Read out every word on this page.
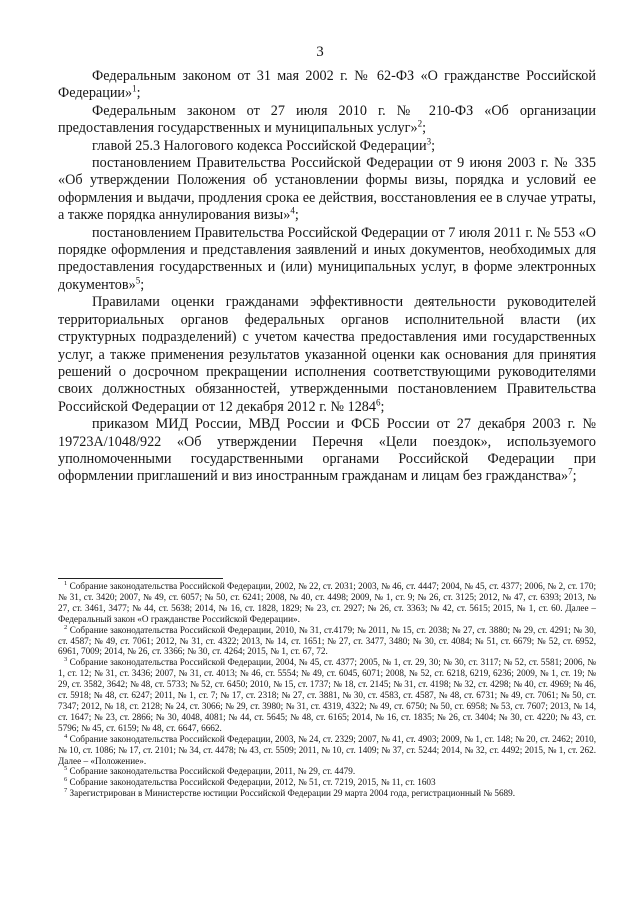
3

Федеральным законом от 31 мая 2002 г. № 62-ФЗ «О гражданстве Российской Федерации»$^1$;

Федеральным законом от 27 июля 2010 г. № 210-ФЗ «Об организации предоставления государственных и муниципальных услуг»$^2$;

главой 25.3 Налогового кодекса Российской Федерации$^3$;

постановлением Правительства Российской Федерации от 9 июня 2003 г. № 335 «Об утверждении Положения об установлении формы визы, порядка и условий ее оформления и выдачи, продления срока ее действия, восстановления ее в случае утраты, а также порядка аннулирования визы»$^4$;

постановлением Правительства Российской Федерации от 7 июля 2011 г. № 553 «О порядке оформления и представления заявлений и иных документов, необходимых для предоставления государственных и (или) муниципальных услуг, в форме электронных документов»$^5$;

Правилами оценки гражданами эффективности деятельности руководителей территориальных органов федеральных органов исполнительной власти (их структурных подразделений) с учетом качества предоставления ими государственных услуг, а также применения результатов указанной оценки как основания для принятия решений о досрочном прекращении исполнения соответствующими руководителями своих должностных обязанностей, утвержденными постановлением Правительства Российской Федерации от 12 декабря 2012 г. № 1284$^6$;

приказом МИД России, МВД России и ФСБ России от 27 декабря 2003 г. № 19723А/1048/922 «Об утверждении Перечня «Цели поездок», используемого уполномоченными государственными органами Российской Федерации при оформлении приглашений и виз иностранным гражданам и лицам без гражданства»$^7$;

$^1$ Собрание законодательства Российской Федерации, 2002, № 22, ст. 2031; 2003, № 46, ст. 4447; 2004, № 45, ст. 4377; 2006, № 2, ст. 170; № 31, ст. 3420; 2007, № 49, ст. 6057; № 50, ст. 6241; 2008, № 40, ст. 4498; 2009, № 1, ст. 9; № 26, ст. 3125; 2012, № 47, ст. 6393; 2013, № 27, ст. 3461, 3477; № 44, ст. 5638; 2014, № 16, ст. 1828, 1829; № 23, ст. 2927; № 26, ст. 3363; № 42, ст. 5615; 2015, № 1, ст. 60. Далее – Федеральный закон «О гражданстве Российской Федерации».

$^2$ Собрание законодательства Российской Федерации, 2010, № 31, ст.4179; № 2011, № 15, ст. 2038; № 27, ст. 3880; № 29, ст. 4291; № 30, ст. 4587; № 49, ст. 7061; 2012, № 31, ст. 4322; 2013, № 14, ст. 1651; № 27, ст. 3477, 3480; № 30, ст. 4084; № 51, ст. 6679; № 52, ст. 6952, 6961, 7009; 2014, № 26, ст. 3366; № 30, ст. 4264; 2015, № 1, ст. 67, 72.

$^3$ Собрание законодательства Российской Федерации, 2004, № 45, ст. 4377; 2005, № 1, ст. 29, 30; № 30, ст. 3117; № 52, ст. 5581; 2006, № 1, ст. 12; № 31, ст. 3436; 2007, № 31, ст. 4013; № 46, ст. 5554; № 49, ст. 6045, 6071; 2008, № 52, ст. 6218, 6219, 6236; 2009, № 1, ст. 19; № 29, ст. 3582, 3642; № 48, ст. 5733; № 52, ст. 6450; 2010, № 15, ст. 1737; № 18, ст. 2145; № 31, ст. 4198; № 32, ст. 4298; № 40, ст. 4969; № 46, ст. 5918; № 48, ст. 6247; 2011, № 1, ст. 7; № 17, ст. 2318; № 27, ст. 3881, № 30, ст. 4583, ст. 4587, № 48, ст. 6731; № 49, ст. 7061; № 50, ст. 7347; 2012, № 18, ст. 2128; № 24, ст. 3066; № 29, ст. 3980; № 31, ст. 4319, 4322; № 49, ст. 6750; № 50, ст. 6958; № 53, ст. 7607; 2013, № 14, ст. 1647; № 23, ст. 2866; № 30, 4048, 4081; № 44, ст. 5645; № 48, ст. 6165; 2014, № 16, ст. 1835; № 26, ст. 3404; № 30, ст. 4220; № 43, ст. 5796; № 45, ст. 6159; № 48, ст. 6647, 6662.

$^4$ Собрание законодательства Российской Федерации, 2003, № 24, ст. 2329; 2007, № 41, ст. 4903; 2009, № 1, ст. 148; № 20, ст. 2462; 2010, № 10, ст. 1086; № 17, ст. 2101; № 34, ст. 4478; № 43, ст. 5509; 2011, № 10, ст. 1409; № 37, ст. 5244; 2014, № 32, ст. 4492; 2015, № 1, ст. 262. Далее – «Положение».

$^5$ Собрание законодательства Российской Федерации, 2011, № 29, ст. 4479.

$^6$ Собрание законодательства Российской Федерации, 2012, № 51, ст. 7219, 2015, № 11, ст. 1603

$^7$ Зарегистрирован в Министерстве юстиции Российской Федерации 29 марта 2004 года, регистрационный № 5689.
